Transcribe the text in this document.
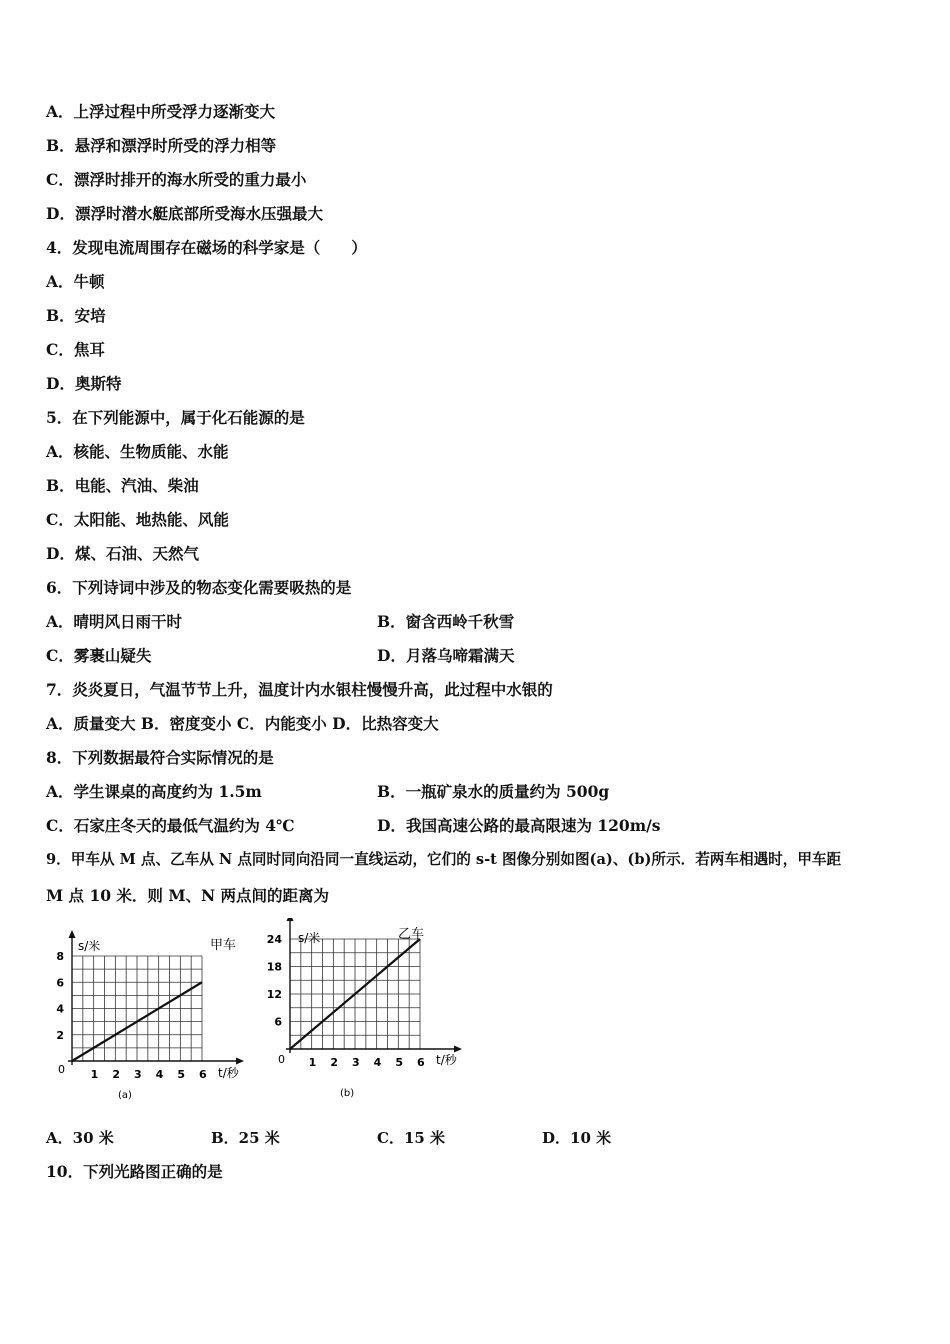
A．上浮过程中所受浮力逐渐变大
B．悬浮和漂浮时所受的浮力相等
C．漂浮时排开的海水所受的重力最小
D．漂浮时潜水艇底部所受海水压强最大
4．发现电流周围存在磁场的科学家是（　　）
A．牛顿
B．安培
C．焦耳
D．奥斯特
5．在下列能源中，属于化石能源的是
A．核能、生物质能、水能
B．电能、汽油、柴油
C．太阳能、地热能、风能
D．煤、石油、天然气
6．下列诗词中涉及的物态变化需要吸热的是
A．晴明风日雨干时	B．窗含西岭千秋雪
C．雾裹山疑失	D．月落乌啼霜满天
7．炎炎夏日，气温节节上升，温度计内水银柱慢慢升高，此过程中水银的
A．质量变大 B．密度变小 C．内能变小 D．比热容变大
8．下列数据最符合实际情况的是
A．学生课桌的高度约为 1.5m	B．一瓶矿泉水的质量约为 500g
C．石家庄冬天的最低气温约为 4℃	D．我国高速公路的最高限速为 120m/s
9．甲车从 M 点、乙车从 N 点同时同向沿同一直线运动，它们的 s-t 图像分别如图(a)、(b)所示．若两车相遇时，甲车距
M 点 10 米．则 M、N 两点间的距离为
1 2 3 4 5 6
2
4
6
8
甲车
s/米
t/秒
0
(a)
1 2 3 4 5 6
6
12
18
24	乙车
s/米
t/秒
0
(b)
A．30 米	B．25 米	C．15 米	D．10 米
10．下列光路图正确的是
